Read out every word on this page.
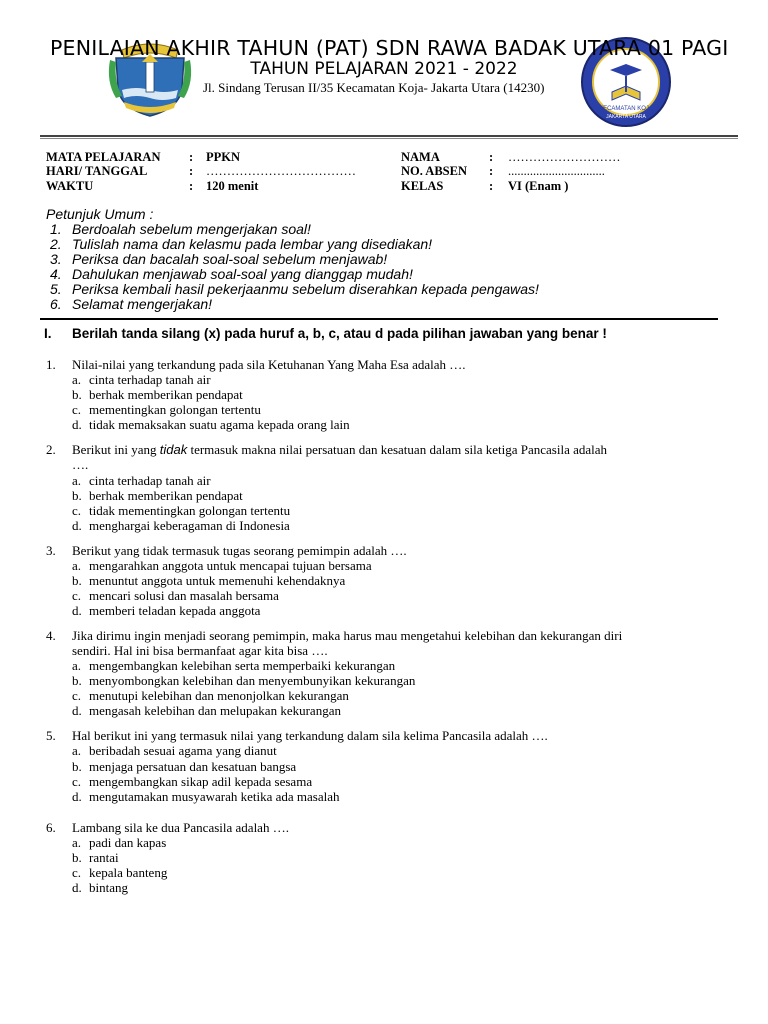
KECAMATAN KOJA
JAKARTA UTARA
PENILAIAN AKHIR TAHUN (PAT) SDN RAWA BADAK UTARA 01 PAGI
TAHUN PELAJARAN 2021 - 2022
Jl. Sindang Terusan II/35 Kecamatan Koja- Jakarta Utara (14230)
MATA PELAJARAN : PPKN	NAMA	: ………………………
HARI/ TANGGAL	: ………………………………	NO. ABSEN : ...............................
WAKTU	: 120 menit	KELAS	: VI (Enam )
Petunjuk Umum :
1. Berdoalah sebelum mengerjakan soal!
2. Tulislah nama dan kelasmu pada lembar yang disediakan!
3. Periksa dan bacalah soal-soal sebelum menjawab!
4. Dahulukan menjawab soal-soal yang dianggap mudah!
5. Periksa kembali hasil pekerjaanmu sebelum diserahkan kepada pengawas!
6. Selamat mengerjakan!
I. Berilah tanda silang (x) pada huruf a, b, c, atau d pada pilihan jawaban yang benar !
1. Nilai-nilai yang terkandung pada sila Ketuhanan Yang Maha Esa adalah ….
a. cinta terhadap tanah air
b. berhak memberikan pendapat
c. mementingkan golongan tertentu
d. tidak memaksakan suatu agama kepada orang lain
2. Berikut ini yang tidak termasuk makna nilai persatuan dan kesatuan dalam sila ketiga Pancasila adalah
….
a. cinta terhadap tanah air
b. berhak memberikan pendapat
c. tidak mementingkan golongan tertentu
d. menghargai keberagaman di Indonesia
3. Berikut yang tidak termasuk tugas seorang pemimpin adalah ….
a. mengarahkan anggota untuk mencapai tujuan bersama
b. menuntut anggota untuk memenuhi kehendaknya
c. mencari solusi dan masalah bersama
d. memberi teladan kepada anggota
4. Jika dirimu ingin menjadi seorang pemimpin, maka harus mau mengetahui kelebihan dan kekurangan diri
sendiri. Hal ini bisa bermanfaat agar kita bisa ….
a. mengembangkan kelebihan serta memperbaiki kekurangan
b. menyombongkan kelebihan dan menyembunyikan kekurangan
c. menutupi kelebihan dan menonjolkan kekurangan
d. mengasah kelebihan dan melupakan kekurangan
5. Hal berikut ini yang termasuk nilai yang terkandung dalam sila kelima Pancasila adalah ….
a. beribadah sesuai agama yang dianut
b. menjaga persatuan dan kesatuan bangsa
c. mengembangkan sikap adil kepada sesama
d. mengutamakan musyawarah ketika ada masalah
6. Lambang sila ke dua Pancasila adalah ….
a. padi dan kapas
b. rantai
c. kepala banteng
d. bintang
